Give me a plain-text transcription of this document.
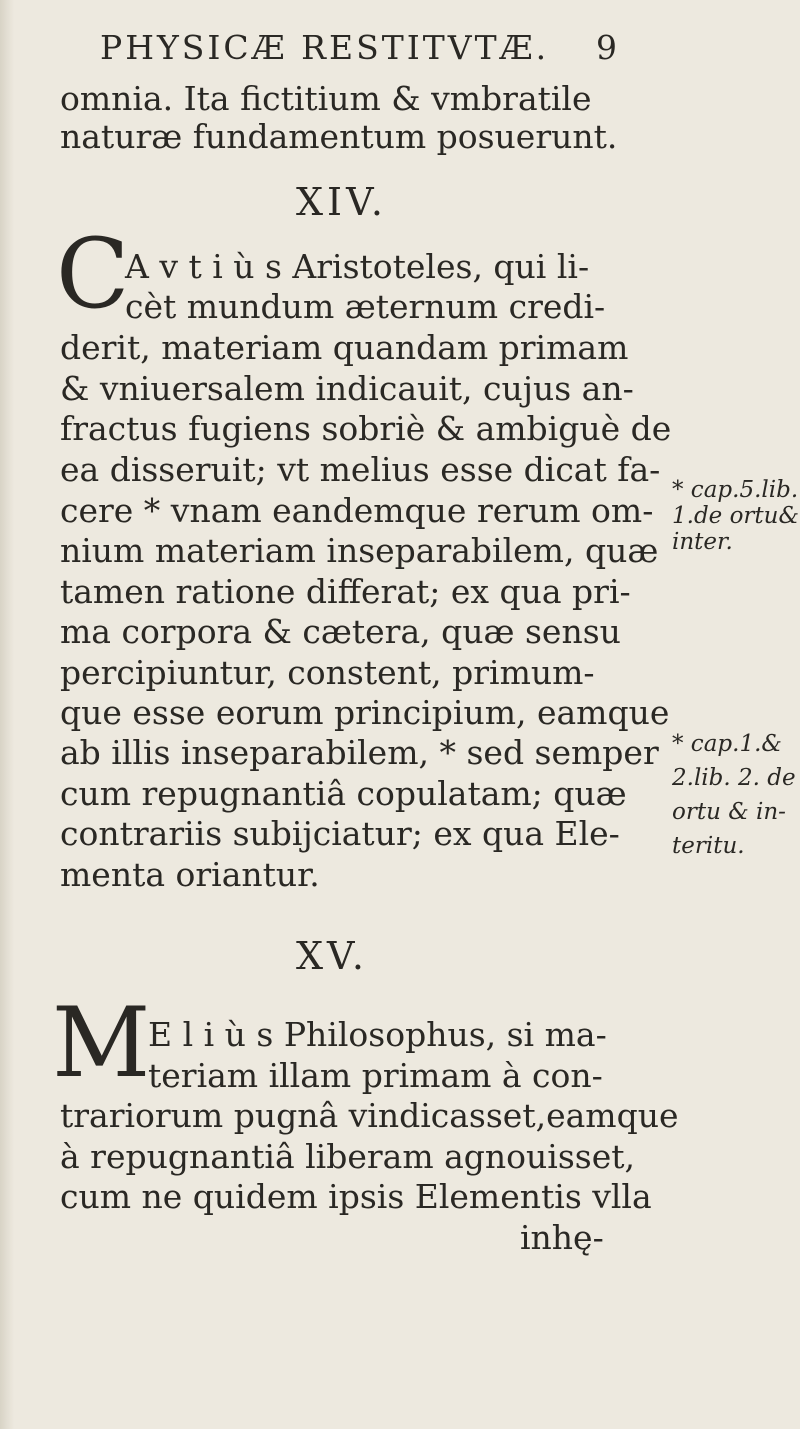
PHYSICÆ RESTITVTÆ. 9
omnia. Ita fictitium & vmbratile
naturæ fundamentum posuerunt.
XIV.
C
A v t i ù s Aristoteles, qui li-
cèt mundum æternum credi-
derit, materiam quandam primam
& vniuersalem indicauit, cujus an-
fractus fugiens sobriè & ambiguè de
ea disseruit; vt melius esse dicat fa-
cere * vnam eandemque rerum om-
nium materiam inseparabilem, quæ
tamen ratione differat; ex qua pri-
ma corpora & cætera, quæ sensu
percipiuntur, constent, primum-
que esse eorum principium, eamque
ab illis inseparabilem, * sed semper
cum repugnantiâ copulatam; quæ
contrariis subijciatur; ex qua Ele-
menta oriantur.
* cap.5.lib.
1.de ortu&
inter.
* cap.1.&
2.lib. 2. de
ortu & in-
teritu.
XV.
M
E l i ù s Philosophus, si ma-
teriam illam primam à con-
trariorum pugnâ vindicasset,eamque
à repugnantiâ liberam agnouisset,
cum ne quidem ipsis Elementis vlla
inhę-
